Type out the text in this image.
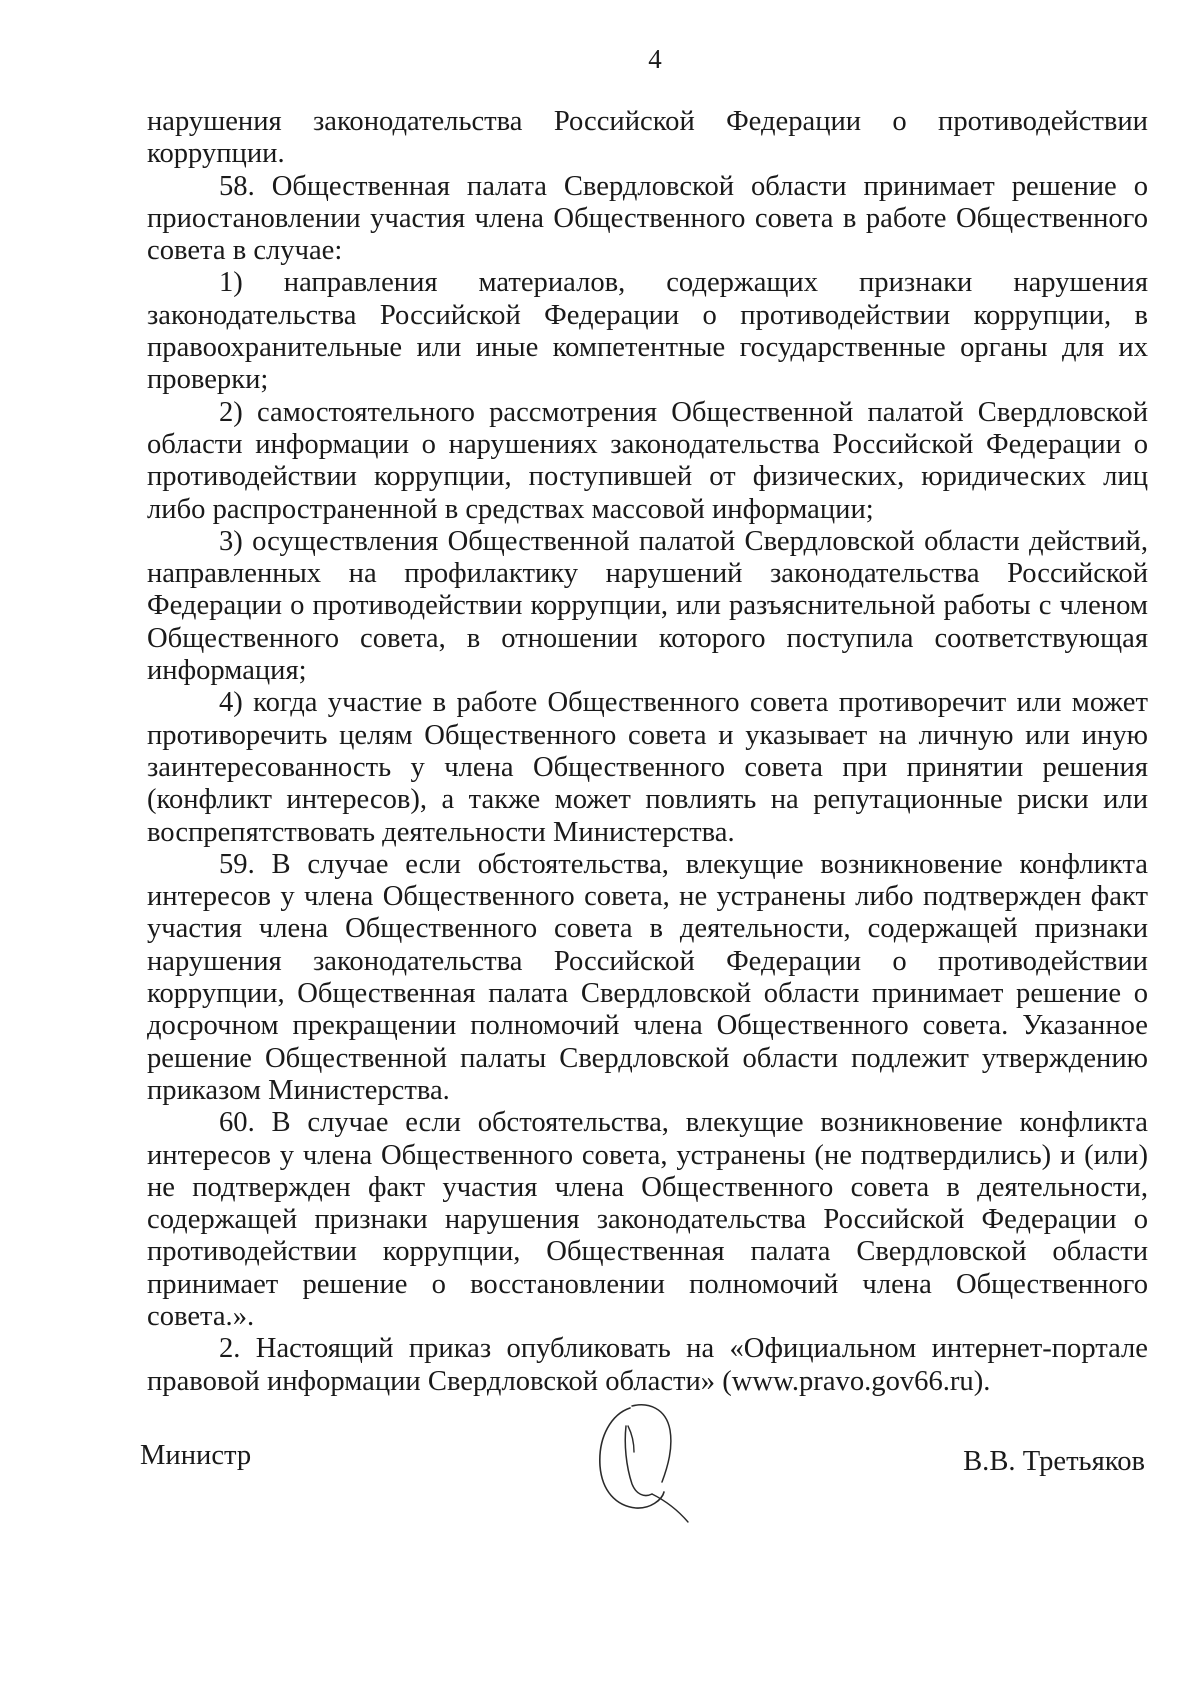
4

нарушения законодательства Российской Федерации о противодействии коррупции.

58. Общественная палата Свердловской области принимает решение о приостановлении участия члена Общественного совета в работе Общественного совета в случае:

1) направления материалов, содержащих признаки нарушения законодательства Российской Федерации о противодействии коррупции, в правоохранительные или иные компетентные государственные органы для их проверки;

2) самостоятельного рассмотрения Общественной палатой Свердловской области информации о нарушениях законодательства Российской Федерации о противодействии коррупции, поступившей от физических, юридических лиц либо распространенной в средствах массовой информации;

3) осуществления Общественной палатой Свердловской области действий, направленных на профилактику нарушений законодательства Российской Федерации о противодействии коррупции, или разъяснительной работы с членом Общественного совета, в отношении которого поступила соответствующая информация;

4) когда участие в работе Общественного совета противоречит или может противоречить целям Общественного совета и указывает на личную или иную заинтересованность у члена Общественного совета при принятии решения (конфликт интересов), а также может повлиять на репутационные риски или воспрепятствовать деятельности Министерства.

59. В случае если обстоятельства, влекущие возникновение конфликта интересов у члена Общественного совета, не устранены либо подтвержден факт участия члена Общественного совета в деятельности, содержащей признаки нарушения законодательства Российской Федерации о противодействии коррупции, Общественная палата Свердловской области принимает решение о досрочном прекращении полномочий члена Общественного совета. Указанное решение Общественной палаты Свердловской области подлежит утверждению приказом Министерства.

60. В случае если обстоятельства, влекущие возникновение конфликта интересов у члена Общественного совета, устранены (не подтвердились) и (или) не подтвержден факт участия члена Общественного совета в деятельности, содержащей признаки нарушения законодательства Российской Федерации о противодействии коррупции, Общественная палата Свердловской области принимает решение о восстановлении полномочий члена Общественного совета.».

2. Настоящий приказ опубликовать на «Официальном интернет-портале правовой информации Свердловской области» (www.pravo.gov66.ru).

Министр	В.В. Третьяков
